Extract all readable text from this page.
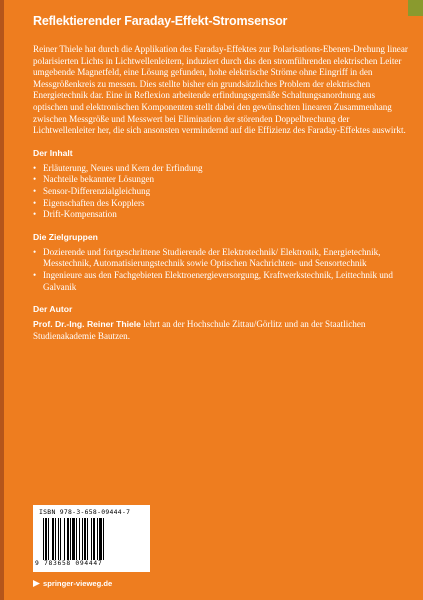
Reflektierender Faraday-Effekt-Stromsensor

Reiner Thiele hat durch die Applikation des Faraday-Effektes zur Polarisations-Ebenen-Drehung linear polarisierten Lichts in Lichtwellenleitern, induziert durch das den stromführenden elektrischen Leiter umgebende Magnetfeld, eine Lösung gefunden, hohe elektrische Ströme ohne Eingriff in den Messgrößenkreis zu messen. Dies stellte bisher ein grundsätzliches Problem der elektrischen Energietechnik dar. Eine in Reflexion arbeitende erfindungsgemäße Schaltungsanordnung aus optischen und elektronischen Komponenten stellt dabei den gewünschten linearen Zusammenhang zwischen Messgröße und Messwert bei Elimination der störenden Doppelbrechung der Lichtwellenleiter her, die sich ansonsten vermindernd auf die Effizienz des Faraday-Effektes auswirkt.

Der Inhalt
• Erläuterung, Neues und Kern der Erfindung
• Nachteile bekannter Lösungen
• Sensor-Differenzialgleichung
• Eigenschaften des Kopplers
• Drift-Kompensation
Die Zielgruppen
• Dozierende und fortgeschrittene Studierende der Elektrotechnik/ Elektronik, Energietechnik, Messtechnik, Automatisierungstechnik sowie Optischen Nachrichten- und Sensortechnik
• Ingenieure aus den Fachgebieten Elektroenergieversorgung, Kraftwerkstechnik, Leittechnik und Galvanik
Der Autor

Prof. Dr.-Ing. Reiner Thiele lehrt an der Hochschule Zittau/Görlitz und an der Staatlichen Studienakademie Bautzen.

ISBN 978-3-658-09444-7
9 783658 094447
springer-vieweg.de
